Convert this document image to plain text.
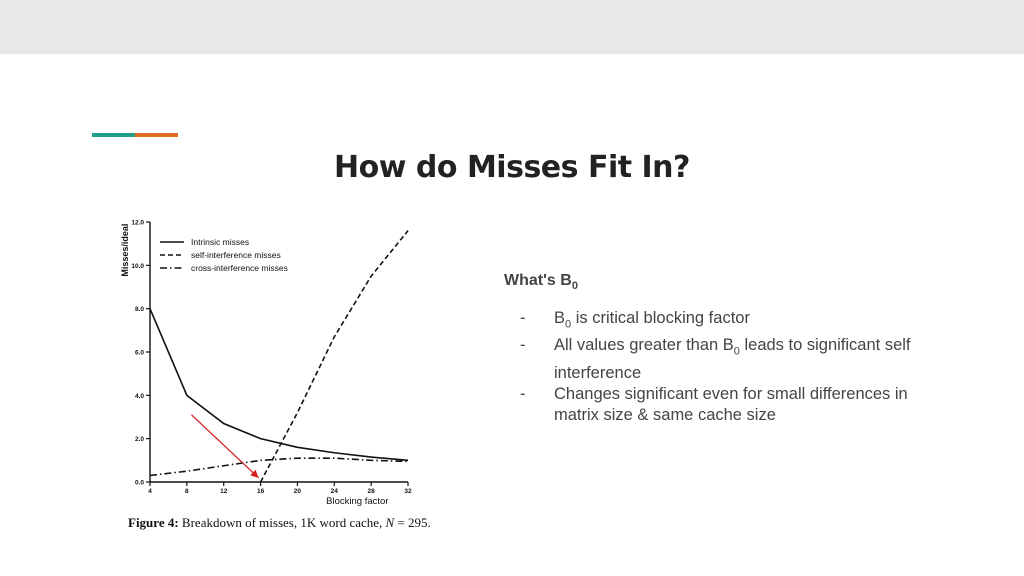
How do Misses Fit In?
0.0
2.0
4.0
6.0
8.0
10.0
12.0
4	8	12	16	20	24	28	32
Blocking factor
Misses/ideal	Intrinsic misses
self-interference misses
cross-interference misses
Figure 4: Breakdown of misses, 1K word cache, N = 295.
What's $B_0$
- $B_0$ is critical blocking factor
- All values greater than $B_0$ leads to significant self interference
- Changes significant even for small differences in matrix size & same cache size
